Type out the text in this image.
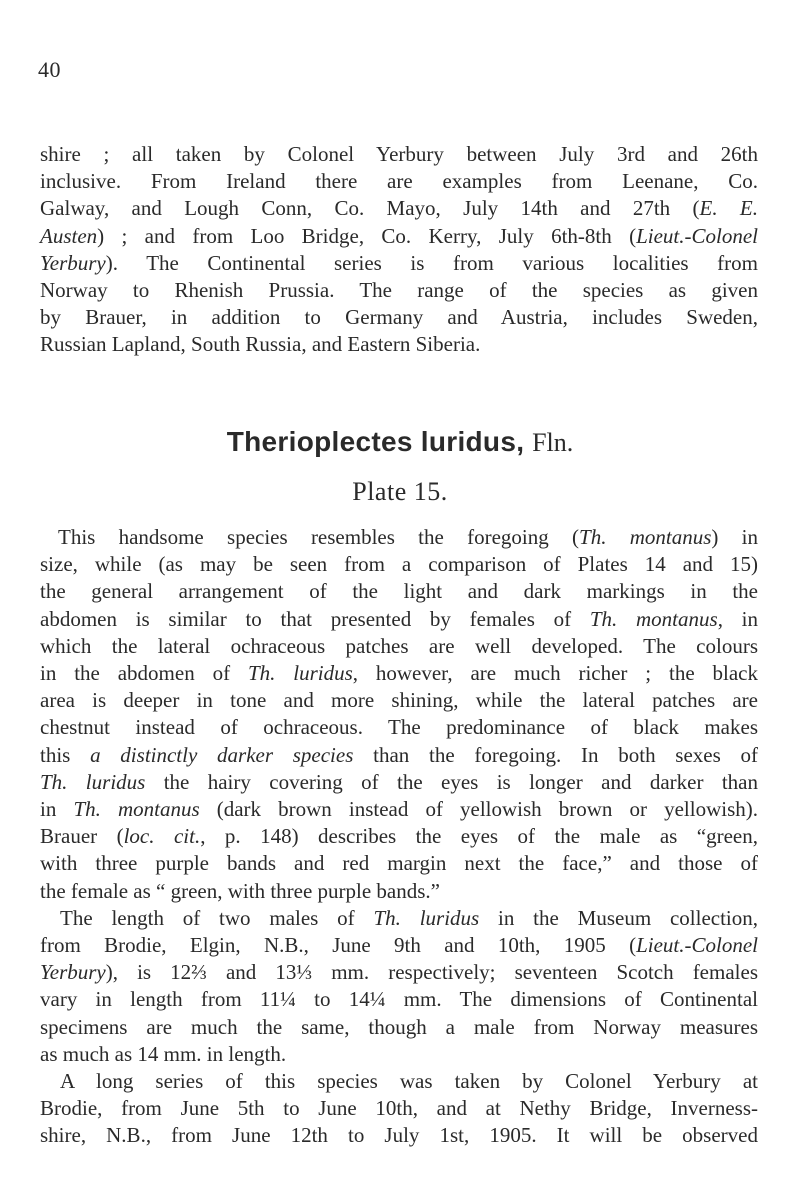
40
shire ; all taken by Colonel Yerbury between July 3rd and 26th
inclusive. From Ireland there are examples from Leenane, Co.
Galway, and Lough Conn, Co. Mayo, July 14th and 27th (E. E.
Austen) ; and from Loo Bridge, Co. Kerry, July 6th-8th (Lieut.-Colonel
Yerbury). The Continental series is from various localities from
Norway to Rhenish Prussia. The range of the species as given
by Brauer, in addition to Germany and Austria, includes Sweden,
Russian Lapland, South Russia, and Eastern Siberia.
Therioplectes luridus, Fln.
Plate 15.
This handsome species resembles the foregoing (Th. montanus) in
size, while (as may be seen from a comparison of Plates 14 and 15)
the general arrangement of the light and dark markings in the
abdomen is similar to that presented by females of Th. montanus, in
which the lateral ochraceous patches are well developed. The colours
in the abdomen of Th. luridus, however, are much richer ; the black
area is deeper in tone and more shining, while the lateral patches are
chestnut instead of ochraceous. The predominance of black makes
this a distinctly darker species than the foregoing. In both sexes of
Th. luridus the hairy covering of the eyes is longer and darker than
in Th. montanus (dark brown instead of yellowish brown or yellowish).
Brauer (loc. cit., p. 148) describes the eyes of the male as “green,
with three purple bands and red margin next the face,” and those of
the female as “ green, with three purple bands.”
The length of two males of Th. luridus in the Museum collection,
from Brodie, Elgin, N.B., June 9th and 10th, 1905 (Lieut.-Colonel
Yerbury), is 12⅔ and 13⅓ mm. respectively; seventeen Scotch females
vary in length from 11¼ to 14¼ mm. The dimensions of Continental
specimens are much the same, though a male from Norway measures
as much as 14 mm. in length.
A long series of this species was taken by Colonel Yerbury at
Brodie, from June 5th to June 10th, and at Nethy Bridge, Inverness-
shire, N.B., from June 12th to July 1st, 1905. It will be observed
